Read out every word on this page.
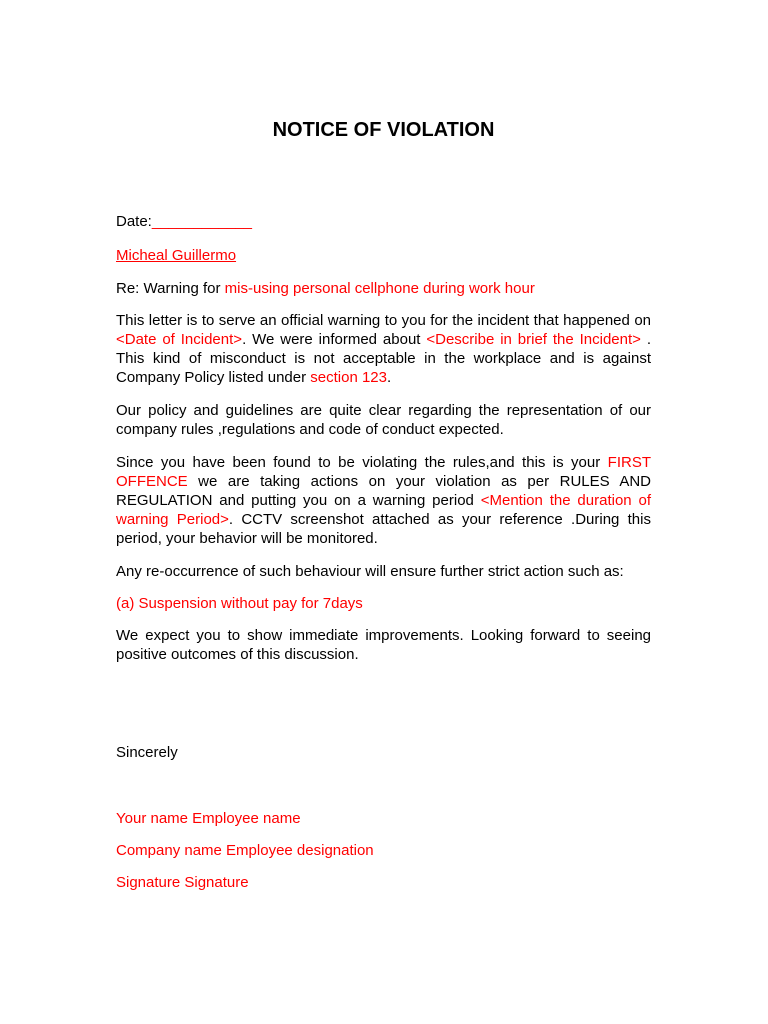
NOTICE OF VIOLATION

Date:____________

Micheal Guillermo

Re: Warning for mis-using personal cellphone during work hour

This letter is to serve an official warning to you for the incident that happened on <Date of Incident>. We were informed about <Describe in brief the Incident> . This kind of misconduct is not acceptable in the workplace and is against Company Policy listed under section 123.

Our policy and guidelines are quite clear regarding the representation of our company rules ,regulations and code of conduct expected.

Since you have been found to be violating the rules,and this is your FIRST OFFENCE we are taking actions on your violation as per RULES AND REGULATION and putting you on a warning period <Mention the duration of warning Period>. CCTV screenshot attached as your reference .During this period, your behavior will be monitored.

Any re-occurrence of such behaviour will ensure further strict action such as:

(a) Suspension without pay for 7days

We expect you to show immediate improvements. Looking forward to seeing positive outcomes of this discussion.

Sincerely

Your name Employee name

Company name Employee designation

Signature Signature
